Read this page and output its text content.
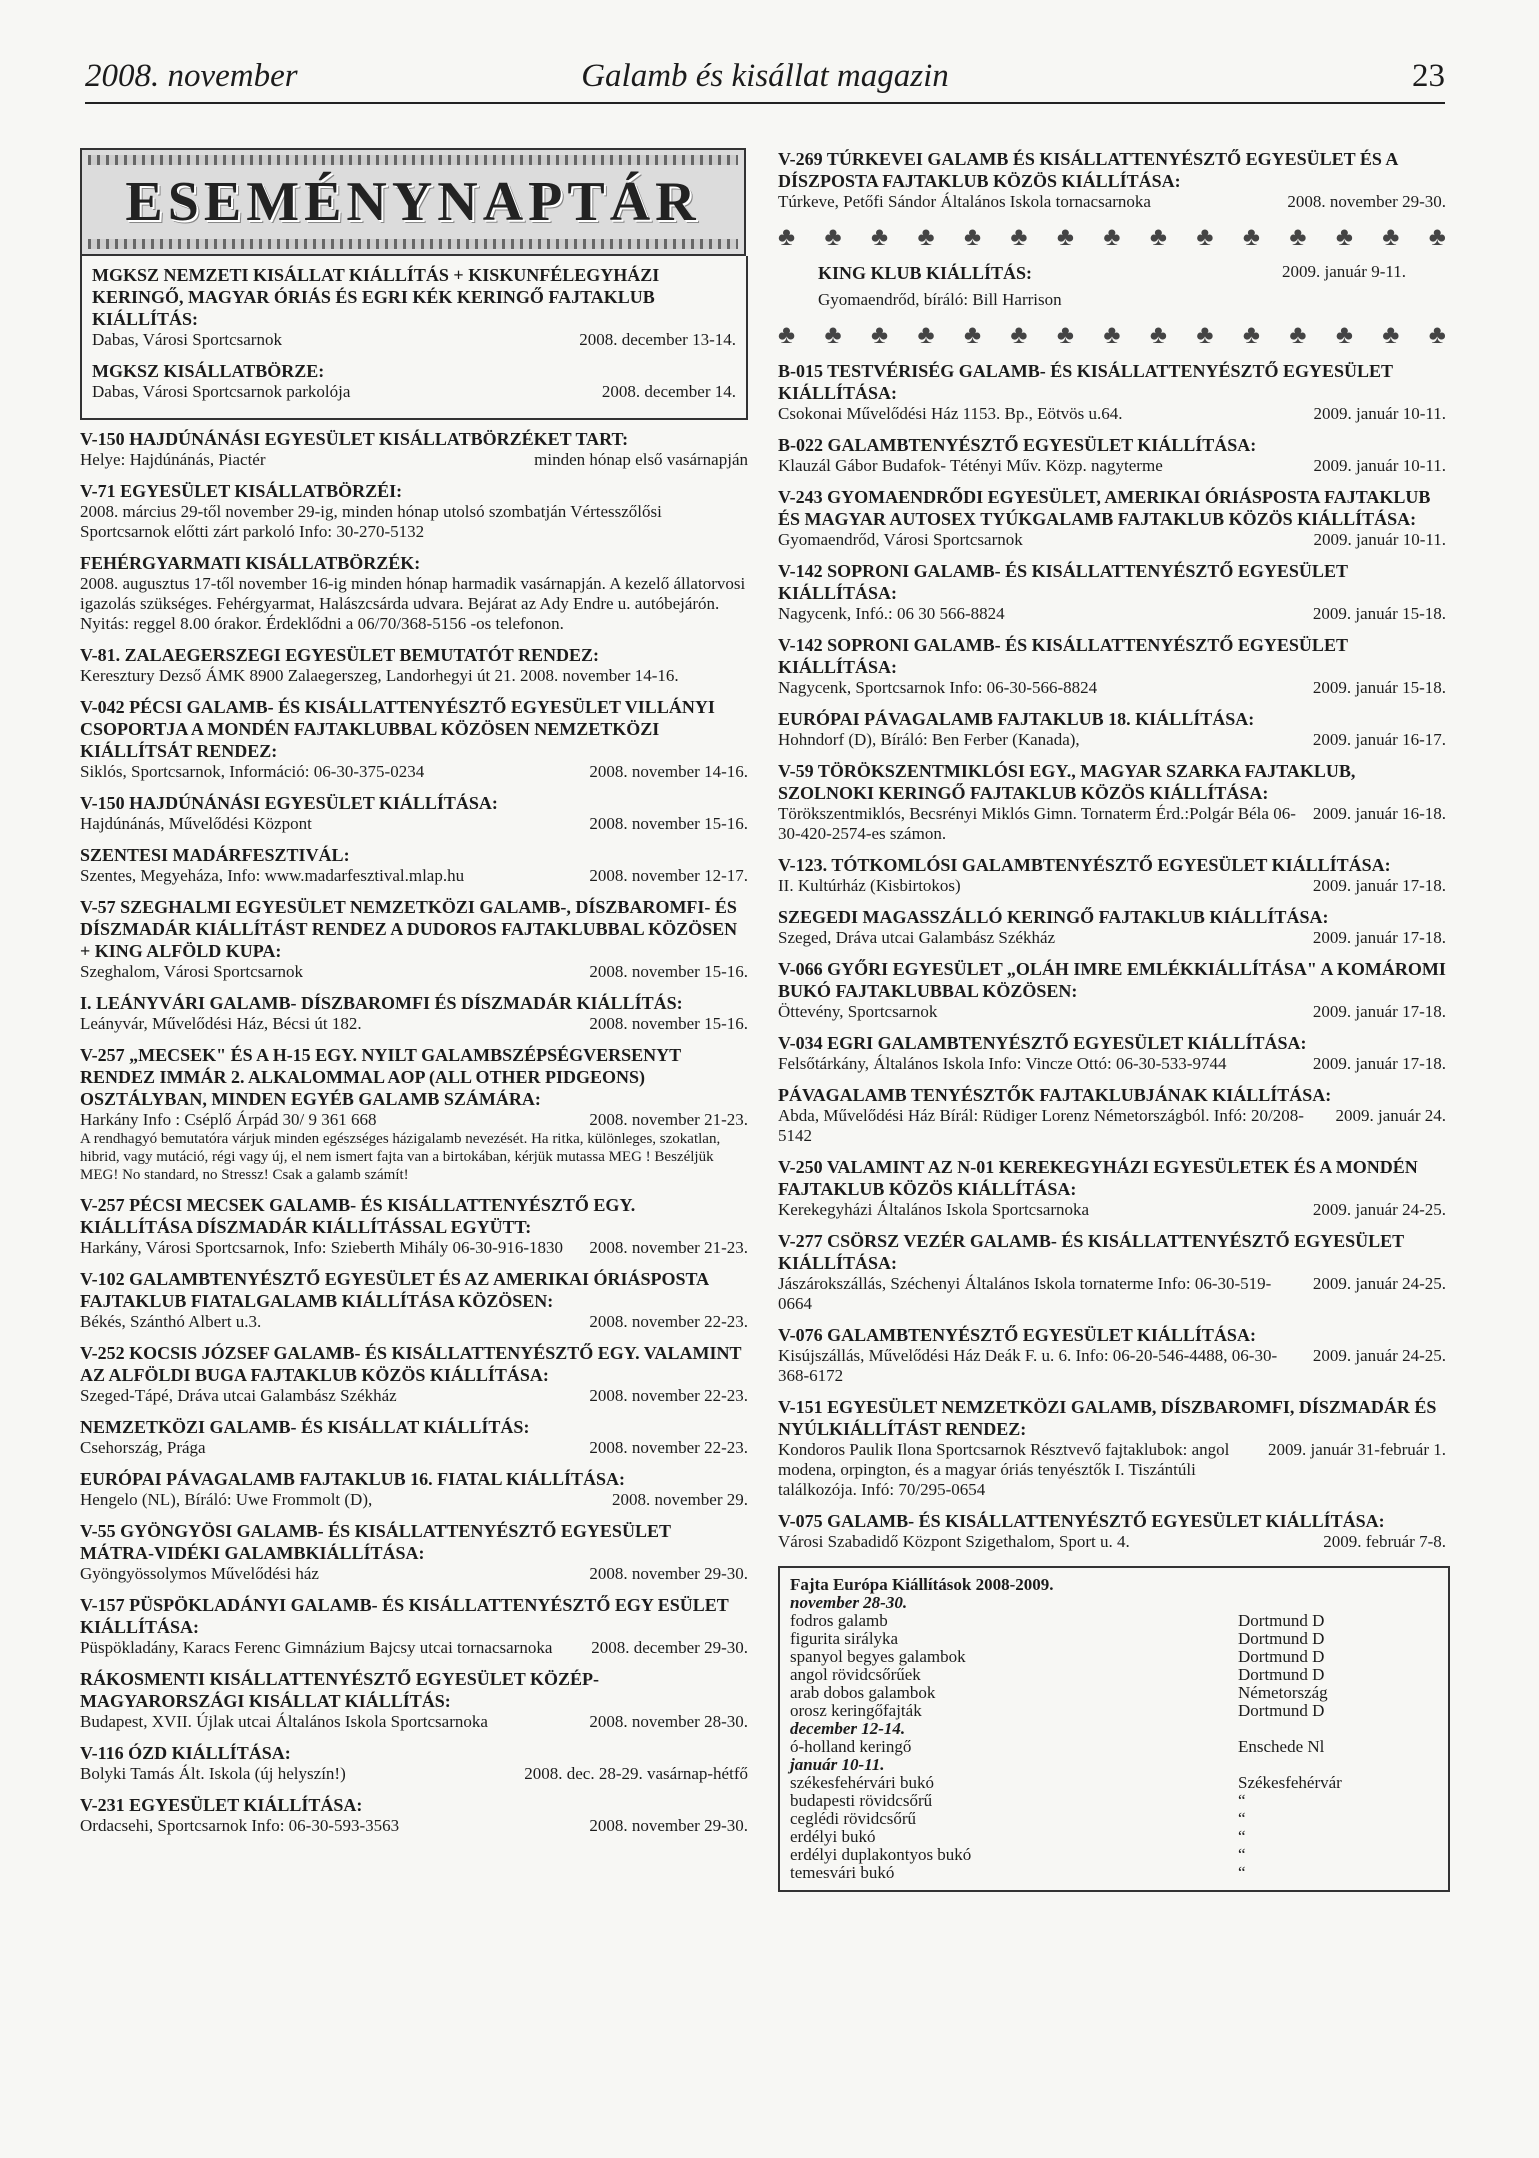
2008. november	Galamb és kisállat magazin	23
ESEMÉNYNAPTÁR
MGKSZ NEMZETI KISÁLLAT KIÁLLÍTÁS + KISKUNFÉLEGYHÁZI KERINGŐ, MAGYAR ÓRIÁS ÉS EGRI KÉK KERINGŐ FAJTAKLUB KIÁLLÍTÁS:
Dabas, Városi Sportcsarnok	2008. december 13-14.
MGKSZ KISÁLLATBÖRZE:
Dabas, Városi Sportcsarnok parkolója	2008. december 14.
V-150 HAJDÚNÁNÁSI EGYESÜLET KISÁLLATBÖRZÉKET TART:
Helye: Hajdúnánás, Piactér	minden hónap első vasárnapján
V-71 EGYESÜLET KISÁLLATBÖRZÉI:
2008. március 29-től november 29-ig, minden hónap utolsó szombatján Vértesszőlősi Sportcsarnok előtti zárt parkoló Info: 30-270-5132
FEHÉRGYARMATI KISÁLLATBÖRZÉK:
2008. augusztus 17-től november 16-ig minden hónap harmadik vasárnapján. A kezelő állatorvosi igazolás szükséges. Fehérgyarmat, Halászcsárda udvara. Bejárat az Ady Endre u. autóbejárón. Nyitás: reggel 8.00 órakor. Érdeklődni a 06/70/368-5156 -os telefonon.
V-81. ZALAEGERSZEGI EGYESÜLET BEMUTATÓT RENDEZ:
Keresztury Dezső ÁMK 8900 Zalaegerszeg, Landorhegyi út 21. 2008. november 14-16.
V-042 PÉCSI GALAMB- ÉS KISÁLLATTENYÉSZTŐ EGYESÜLET VILLÁNYI CSOPORTJA A MONDÉN FAJTAKLUBBAL KÖZÖSEN NEMZETKÖZI KIÁLLÍTSÁT RENDEZ:
Siklós, Sportcsarnok, Információ: 06-30-375-0234	2008. november 14-16.
V-150 HAJDÚNÁNÁSI EGYESÜLET KIÁLLÍTÁSA:
Hajdúnánás, Művelődési Központ	2008. november 15-16.
SZENTESI MADÁRFESZTIVÁL:
Szentes, Megyeháza, Info: www.madarfesztival.mlap.hu	2008. november 12-17.
V-57 SZEGHALMI EGYESÜLET NEMZETKÖZI GALAMB-, DÍSZBAROMFI- ÉS DÍSZMADÁR KIÁLLÍTÁST RENDEZ A DUDOROS FAJTAKLUBBAL KÖZÖSEN + KING ALFÖLD KUPA:
Szeghalom, Városi Sportcsarnok	2008. november 15-16.
I. LEÁNYVÁRI GALAMB- DÍSZBAROMFI ÉS DÍSZMADÁR KIÁLLÍTÁS:
Leányvár, Művelődési Ház, Bécsi út 182.	2008. november 15-16.
V-257 „MECSEK" ÉS A H-15 EGY. NYILT GALAMBSZÉPSÉGVERSENYT RENDEZ IMMÁR 2. ALKALOMMAL AOP (ALL OTHER PIDGEONS) OSZTÁLYBAN, MINDEN EGYÉB GALAMB SZÁMÁRA:
Harkány Info : Cséplő Árpád 30/ 9 361 668	2008. november 21-23.
A rendhagyó bemutatóra várjuk minden egészséges házigalamb nevezését. Ha ritka, különleges, szokatlan, hibrid, vagy mutáció, régi vagy új, el nem ismert fajta van a birtokában, kérjük mutassa MEG ! Beszéljük MEG! No standard, no Stressz! Csak a galamb számít!
V-257 PÉCSI MECSEK GALAMB- ÉS KISÁLLATTENYÉSZTŐ EGY. KIÁLLÍTÁSA DÍSZMADÁR KIÁLLÍTÁSSAL EGYÜTT:
Harkány, Városi Sportcsarnok, Info: Szieberth Mihály 06-30-916-1830 2008. november 21-23.
V-102 GALAMBTENYÉSZTŐ EGYESÜLET ÉS AZ AMERIKAI ÓRIÁSPOSTA FAJTAKLUB FIATALGALAMB KIÁLLÍTÁSA KÖZÖSEN:
Békés, Szánthó Albert u.3.	2008. november 22-23.
V-252 KOCSIS JÓZSEF GALAMB- ÉS KISÁLLATTENYÉSZTŐ EGY. VALAMINT AZ ALFÖLDI BUGA FAJTAKLUB KÖZÖS KIÁLLÍTÁSA:
Szeged-Tápé, Dráva utcai Galambász Székház	2008. november 22-23.
NEMZETKÖZI GALAMB- ÉS KISÁLLAT KIÁLLÍTÁS:
Csehország, Prága	2008. november 22-23.
EURÓPAI PÁVAGALAMB FAJTAKLUB 16. FIATAL KIÁLLÍTÁSA:
Hengelo (NL), Bíráló: Uwe Frommolt (D),	2008. november 29.
V-55 GYÖNGYÖSI GALAMB- ÉS KISÁLLATTENYÉSZTŐ EGYESÜLET MÁTRA-VIDÉKI GALAMBKIÁLLÍTÁSA:
Gyöngyössolymos Művelődési ház	2008. november 29-30.
V-157 PÜSPÖKLADÁNYI GALAMB- ÉS KISÁLLATTENYÉSZTŐ EGY ESÜLET KIÁLLÍTÁSA:
Püspökladány, Karacs Ferenc Gimnázium Bajcsy utcai tornacsarnoka 2008. december 29-30.
RÁKOSMENTI KISÁLLATTENYÉSZTŐ EGYESÜLET KÖZÉP-MAGYARORSZÁGI KISÁLLAT KIÁLLÍTÁS:
Budapest, XVII. Újlak utcai Általános Iskola Sportcsarnoka	2008. november 28-30.
V-116 ÓZD KIÁLLÍTÁSA:
Bolyki Tamás Ált. Iskola (új helyszín!)	2008. dec. 28-29. vasárnap-hétfő
V-231 EGYESÜLET KIÁLLÍTÁSA:
Ordacsehi, Sportcsarnok Info: 06-30-593-3563	2008. november 29-30.
V-269 TÚRKEVEI GALAMB ÉS KISÁLLATTENYÉSZTŐ EGYESÜLET ÉS A DÍSZPOSTA FAJTAKLUB KÖZÖS KIÁLLÍTÁSA:
Túrkeve, Petőfi Sándor Általános Iskola tornacsarnoka	2008. november 29-30.
♣ ♣ ♣ ♣ ♣ ♣ ♣ ♣ ♣ ♣ ♣ ♣ ♣ ♣ ♣
KING KLUB KIÁLLÍTÁS:	2009. január 9-11.
Gyomaendrőd, bíráló: Bill Harrison
♣ ♣ ♣ ♣ ♣ ♣ ♣ ♣ ♣ ♣ ♣ ♣ ♣ ♣ ♣
B-015 TESTVÉRISÉG GALAMB- ÉS KISÁLLATTENYÉSZTŐ EGYESÜLET KIÁLLÍTÁSA:
Csokonai Művelődési Ház 1153. Bp., Eötvös u.64.	2009. január 10-11.
B-022 GALAMBTENYÉSZTŐ EGYESÜLET KIÁLLÍTÁSA:
Klauzál Gábor Budafok- Tétényi Műv. Közp. nagyterme	2009. január 10-11.
V-243 GYOMAENDRŐDI EGYESÜLET, AMERIKAI ÓRIÁSPOSTA FAJTAKLUB ÉS MAGYAR AUTOSEX TYÚKGALAMB FAJTAKLUB KÖZÖS KIÁLLÍTÁSA:
Gyomaendrőd, Városi Sportcsarnok	2009. január 10-11.
V-142 SOPRONI GALAMB- ÉS KISÁLLATTENYÉSZTŐ EGYESÜLET KIÁLLÍTÁSA:
Nagycenk, Infó.: 06 30 566-8824	2009. január 15-18.
V-142 SOPRONI GALAMB- ÉS KISÁLLATTENYÉSZTŐ EGYESÜLET KIÁLLÍTÁSA:
Nagycenk, Sportcsarnok Info: 06-30-566-8824	2009. január 15-18.
EURÓPAI PÁVAGALAMB FAJTAKLUB 18. KIÁLLÍTÁSA:
Hohndorf (D), Bíráló: Ben Ferber (Kanada),	2009. január 16-17.
V-59 TÖRÖKSZENTMIKLÓSI EGY., MAGYAR SZARKA FAJTAKLUB, SZOLNOKI KERINGŐ FAJTAKLUB KÖZÖS KIÁLLÍTÁSA:
Törökszentmiklós, Becsrényi Miklós Gimn. Tornaterm Érd.:Polgár Béla 06-30-420-2574-es számon.
2009. január 16-18.
V-123. TÓTKOMLÓSI GALAMBTENYÉSZTŐ EGYESÜLET KIÁLLÍTÁSA:
II. Kultúrház (Kisbirtokos)	2009. január 17-18.
SZEGEDI MAGASSZÁLLÓ KERINGŐ FAJTAKLUB KIÁLLÍTÁSA:
Szeged, Dráva utcai Galambász Székház	2009. január 17-18.
V-066 GYŐRI EGYESÜLET „OLÁH IMRE EMLÉKKIÁLLÍTÁSA" A KOMÁROMI BUKÓ FAJTAKLUBBAL KÖZÖSEN:
Öttevény, Sportcsarnok	2009. január 17-18.
V-034 EGRI GALAMBTENYÉSZTŐ EGYESÜLET KIÁLLÍTÁSA:
Felsőtárkány, Általános Iskola Info: Vincze Ottó: 06-30-533-9744	2009. január 17-18.
PÁVAGALAMB TENYÉSZTŐK FAJTAKLUBJÁNAK KIÁLLÍTÁSA:
Abda, Művelődési Ház Bírál: Rüdiger Lorenz Németországból. Infó: 20/208-5142
2009. január 24.
V-250 VALAMINT AZ N-01 KEREKEGYHÁZI EGYESÜLETEK ÉS A MONDÉN FAJTAKLUB KÖZÖS KIÁLLÍTÁSA:
Kerekegyházi Általános Iskola Sportcsarnoka	2009. január 24-25.
V-277 CSÖRSZ VEZÉR GALAMB- ÉS KISÁLLATTENYÉSZTŐ EGYESÜLET KIÁLLÍTÁSA:
Jászárokszállás, Széchenyi Általános Iskola tornaterme Info: 06-30-519-0664
2009. január 24-25.
V-076 GALAMBTENYÉSZTŐ EGYESÜLET KIÁLLÍTÁSA:
Kisújszállás, Művelődési Ház Deák F. u. 6. Info: 06-20-546-4488, 06-30-368-6172
2009. január 24-25.
V-151 EGYESÜLET NEMZETKÖZI GALAMB, DÍSZBAROMFI, DÍSZMADÁR ÉS NYÚLKIÁLLÍTÁST RENDEZ:
Kondoros Paulik Ilona Sportcsarnok Résztvevő fajtaklubok: angol modena, orpington, és a magyar óriás tenyésztők I. Tiszántúli találkozója. Infó: 70/295-0654
2009. január 31-február 1.
V-075 GALAMB- ÉS KISÁLLATTENYÉSZTŐ EGYESÜLET KIÁLLÍTÁSA:
Városi Szabadidő Központ Szigethalom, Sport u. 4.	2009. február 7-8.
Fajta Európa Kiállítások 2008-2009.
november 28-30.
fodros galamb	Dortmund D
figurita sirályka	Dortmund D
spanyol begyes galambok	Dortmund D
angol rövidcsőrűek	Dortmund D
arab dobos galambok	Németország
orosz keringőfajták	Dortmund D
december 12-14.
ó-holland keringő	Enschede Nl
január 10-11.
székesfehérvári bukó	Székesfehérvár
budapesti rövidcsőrű	“
ceglédi rövidcsőrű	“
erdélyi bukó	“
erdélyi duplakontyos bukó	“
temesvári bukó	“
